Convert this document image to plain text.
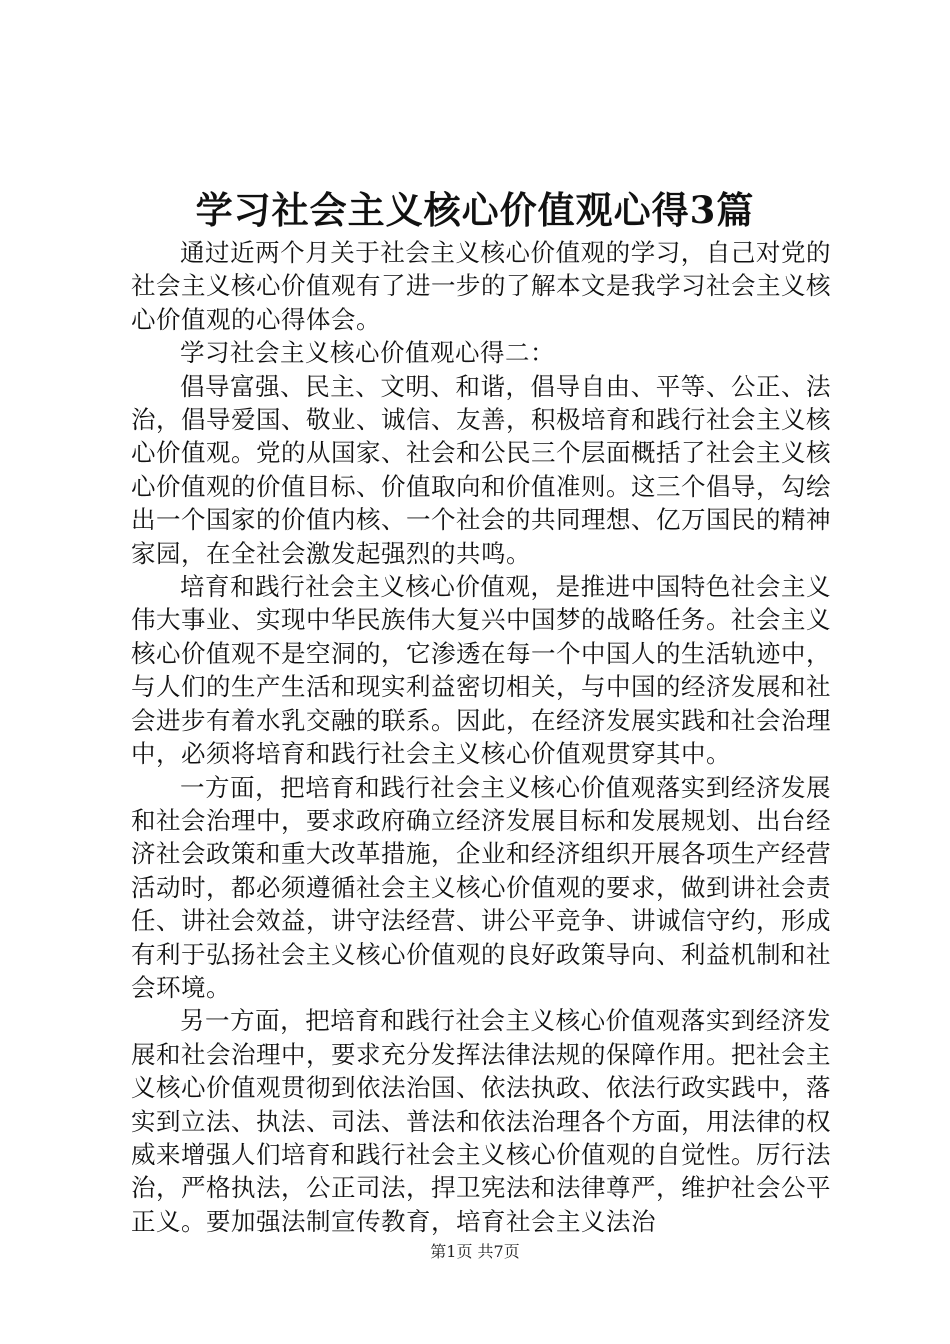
学习社会主义核心价值观心得3篇

通过近两个月关于社会主义核心价值观的学习，自己对党的社会主义核心价值观有了进一步的了解本文是我学习社会主义核心价值观的心得体会。

学习社会主义核心价值观心得二：

倡导富强、民主、文明、和谐，倡导自由、平等、公正、法治，倡导爱国、敬业、诚信、友善，积极培育和践行社会主义核心价值观。党的从国家、社会和公民三个层面概括了社会主义核心价值观的价值目标、价值取向和价值准则。这三个倡导，勾绘出一个国家的价值内核、一个社会的共同理想、亿万国民的精神家园，在全社会激发起强烈的共鸣。

培育和践行社会主义核心价值观，是推进中国特色社会主义伟大事业、实现中华民族伟大复兴中国梦的战略任务。社会主义核心价值观不是空洞的，它渗透在每一个中国人的生活轨迹中，与人们的生产生活和现实利益密切相关，与中国的经济发展和社会进步有着水乳交融的联系。因此，在经济发展实践和社会治理中，必须将培育和践行社会主义核心价值观贯穿其中。

一方面，把培育和践行社会主义核心价值观落实到经济发展和社会治理中，要求政府确立经济发展目标和发展规划、出台经济社会政策和重大改革措施，企业和经济组织开展各项生产经营活动时，都必须遵循社会主义核心价值观的要求，做到讲社会责任、讲社会效益，讲守法经营、讲公平竞争、讲诚信守约，形成有利于弘扬社会主义核心价值观的良好政策导向、利益机制和社会环境。

另一方面，把培育和践行社会主义核心价值观落实到经济发展和社会治理中，要求充分发挥法律法规的保障作用。把社会主义核心价值观贯彻到依法治国、依法执政、依法行政实践中，落实到立法、执法、司法、普法和依法治理各个方面，用法律的权威来增强人们培育和践行社会主义核心价值观的自觉性。厉行法治，严格执法，公正司法，捍卫宪法和法律尊严，维护社会公平正义。要加强法制宣传教育，培育社会主义法治

第1页 共7页
